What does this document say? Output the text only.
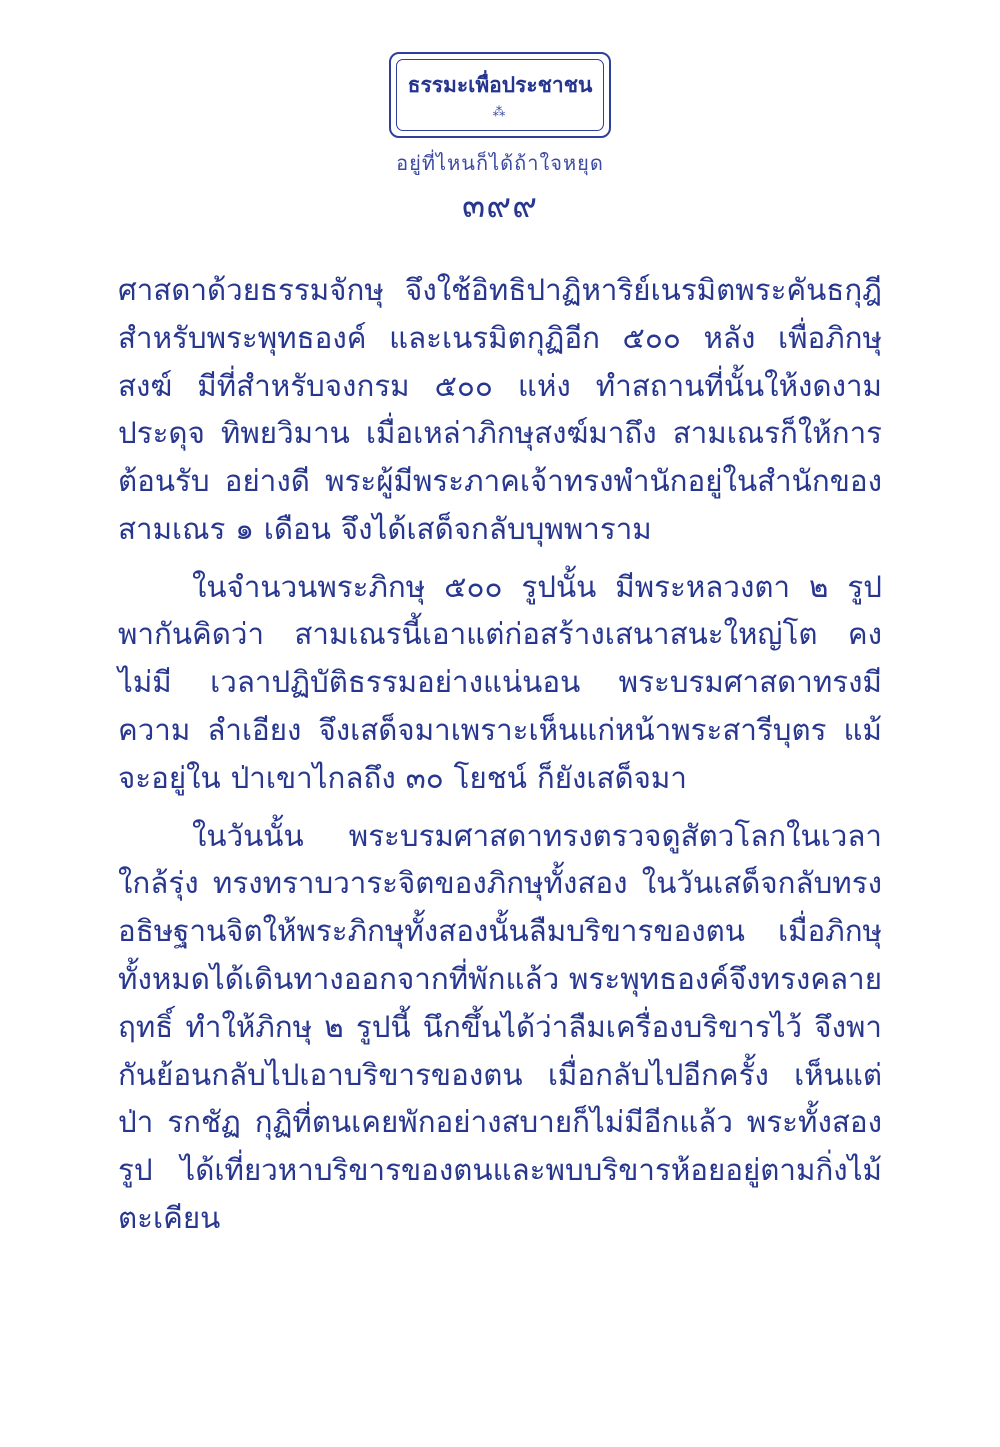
ธรรมะเพื่อประชาชน
⁂
อยู่ที่ไหนก็ได้ถ้าใจหยุด
๓๙๙

ศาสดาด้วยธรรมจักษุ จึงใช้อิทธิปาฏิหาริย์เนรมิตพระคันธกุฎี สำหรับพระพุทธองค์ และเนรมิตกุฏิอีก ๕๐๐ หลัง เพื่อภิกษุสงฆ์ มีที่สำหรับจงกรม ๕๐๐ แห่ง ทำสถานที่นั้นให้งดงามประดุจ ทิพยวิมาน เมื่อเหล่าภิกษุสงฆ์มาถึง สามเณรก็ให้การต้อนรับ อย่างดี พระผู้มีพระภาคเจ้าทรงพำนักอยู่ในสำนักของสามเณร ๑ เดือน จึงได้เสด็จกลับบุพพาราม

ในจำนวนพระภิกษุ ๕๐๐ รูปนั้น มีพระหลวงตา ๒ รูป พากันคิดว่า สามเณรนี้เอาแต่ก่อสร้างเสนาสนะใหญ่โต คงไม่มี เวลาปฏิบัติธรรมอย่างแน่นอน พระบรมศาสดาทรงมีความ ลำเอียง จึงเสด็จมาเพราะเห็นแก่หน้าพระสารีบุตร แม้จะอยู่ใน ป่าเขาไกลถึง ๓๐ โยชน์ ก็ยังเสด็จมา

ในวันนั้น พระบรมศาสดาทรงตรวจดูสัตวโลกในเวลา ใกล้รุ่ง ทรงทราบวาระจิตของภิกษุทั้งสอง ในวันเสด็จกลับทรง อธิษฐานจิตให้พระภิกษุทั้งสองนั้นลืมบริขารของตน เมื่อภิกษุ ทั้งหมดได้เดินทางออกจากที่พักแล้ว พระพุทธองค์จึงทรงคลาย ฤทธิ์ ทำให้ภิกษุ ๒ รูปนี้ นึกขึ้นได้ว่าลืมเครื่องบริขารไว้ จึงพา กันย้อนกลับไปเอาบริขารของตน เมื่อกลับไปอีกครั้ง เห็นแต่ป่า รกชัฏ กุฏิที่ตนเคยพักอย่างสบายก็ไม่มีอีกแล้ว พระทั้งสองรูป ได้เที่ยวหาบริขารของตนและพบบริขารห้อยอยู่ตามกิ่งไม้ตะเคียน
